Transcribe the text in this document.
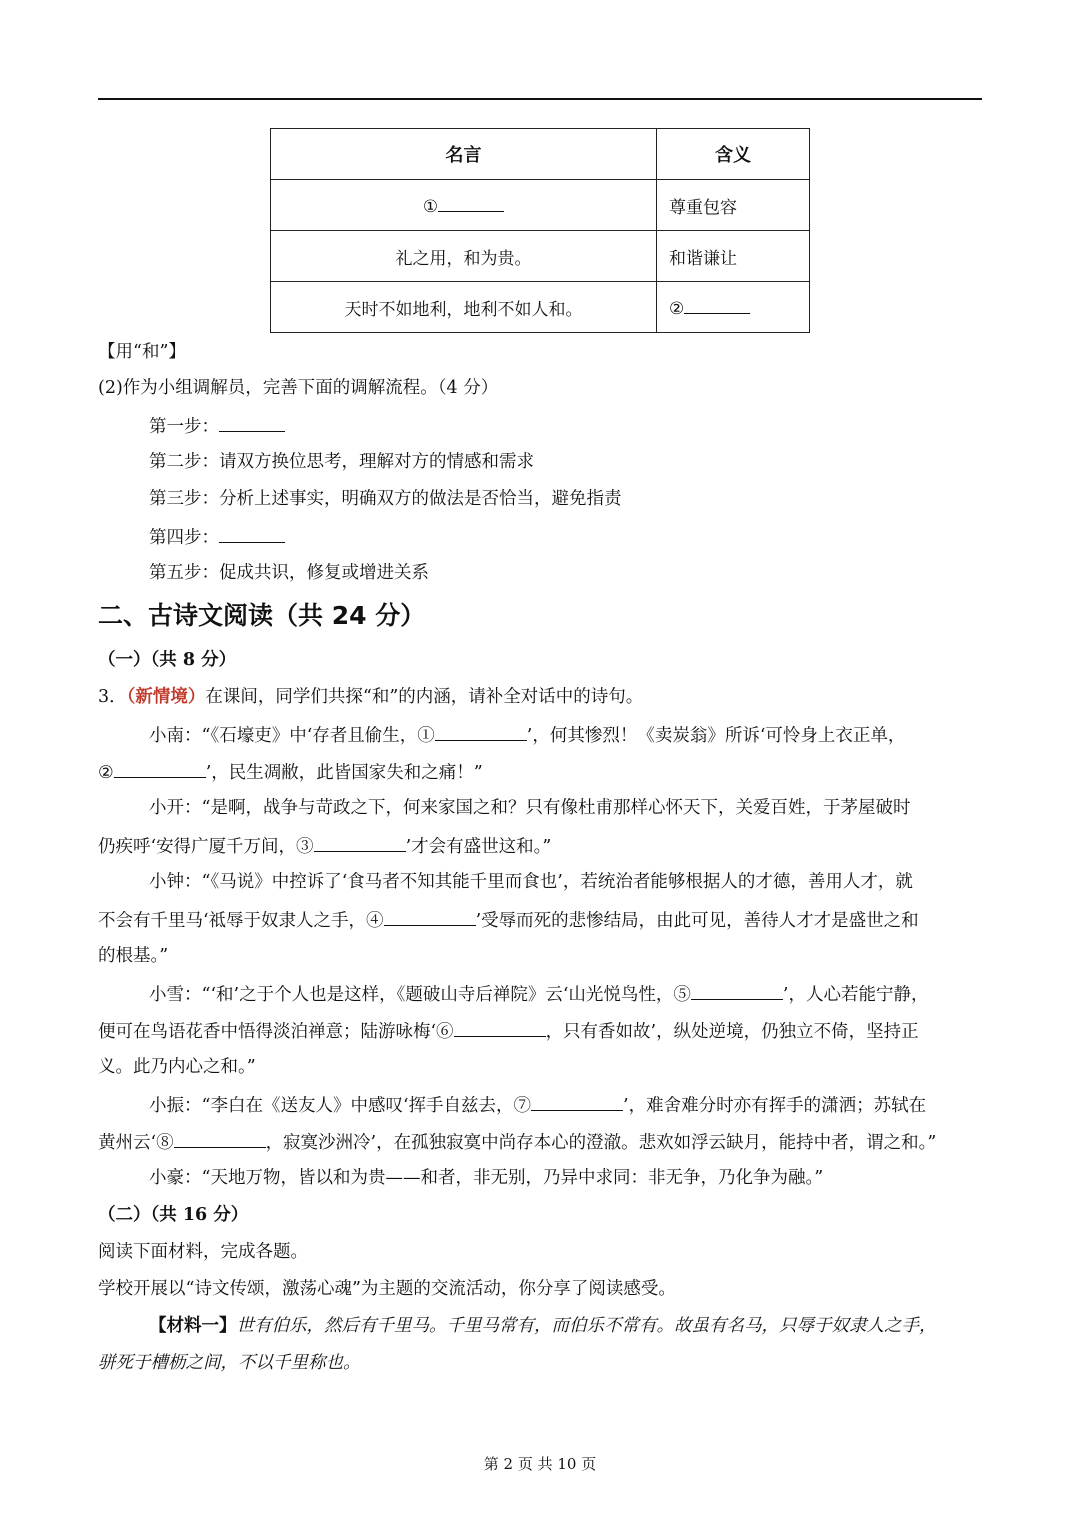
名言	含义
①	尊重包容
礼之用，和为贵。	和谐谦让
天时不如地利，地利不如人和。	②
【用“和”】
(2)作为小组调解员，完善下面的调解流程。（4 分）
第一步：
第二步：请双方换位思考，理解对方的情感和需求
第三步：分析上述事实，明确双方的做法是否恰当，避免指责
第四步：
第五步：促成共识，修复或增进关系
二、古诗文阅读（共 24 分）
（一）（共 8 分）
3．（新情境）在课间，同学们共探“和”的内涵，请补全对话中的诗句。
小南：“《石壕吏》中‘存者且偷生，①	’，何其惨烈！《卖炭翁》所诉‘可怜身上衣正单，
②	’，民生凋敝，此皆国家失和之痛！”
小开：“是啊，战争与苛政之下，何来家国之和？只有像杜甫那样心怀天下，关爱百姓，于茅屋破时
仍疾呼‘安得广厦千万间，③	’才会有盛世这和。”
小钟：“《马说》中控诉了‘食马者不知其能千里而食也’，若统治者能够根据人的才德，善用人才，就
不会有千里马‘祗辱于奴隶人之手，④	’受辱而死的悲惨结局，由此可见，善待人才才是盛世之和
的根基。”
小雪：“‘和’之于个人也是这样，《题破山寺后禅院》云‘山光悦鸟性，⑤	’，人心若能宁静，
便可在鸟语花香中悟得淡泊禅意；陆游咏梅‘⑥	，只有香如故’，纵处逆境，仍独立不倚，坚持正
义。此乃内心之和。”
小振：“李白在《送友人》中感叹‘挥手自兹去，⑦	’，难舍难分时亦有挥手的潇洒；苏轼在
黄州云‘⑧	，寂寞沙洲冷’，在孤独寂寞中尚存本心的澄澈。悲欢如浮云缺月，能持中者，谓之和。”
小豪：“天地万物，皆以和为贵——和者，非无别，乃异中求同：非无争，乃化争为融。”
（二）（共 16 分）
阅读下面材料，完成各题。
学校开展以“诗文传颂，激荡心魂”为主题的交流活动，你分享了阅读感受。
【材料一】世有伯乐，然后有千里马。千里马常有，而伯乐不常有。故虽有名马，只辱于奴隶人之手，
骈死于槽枥之间，不以千里称也。
第 2 页 共 10 页
